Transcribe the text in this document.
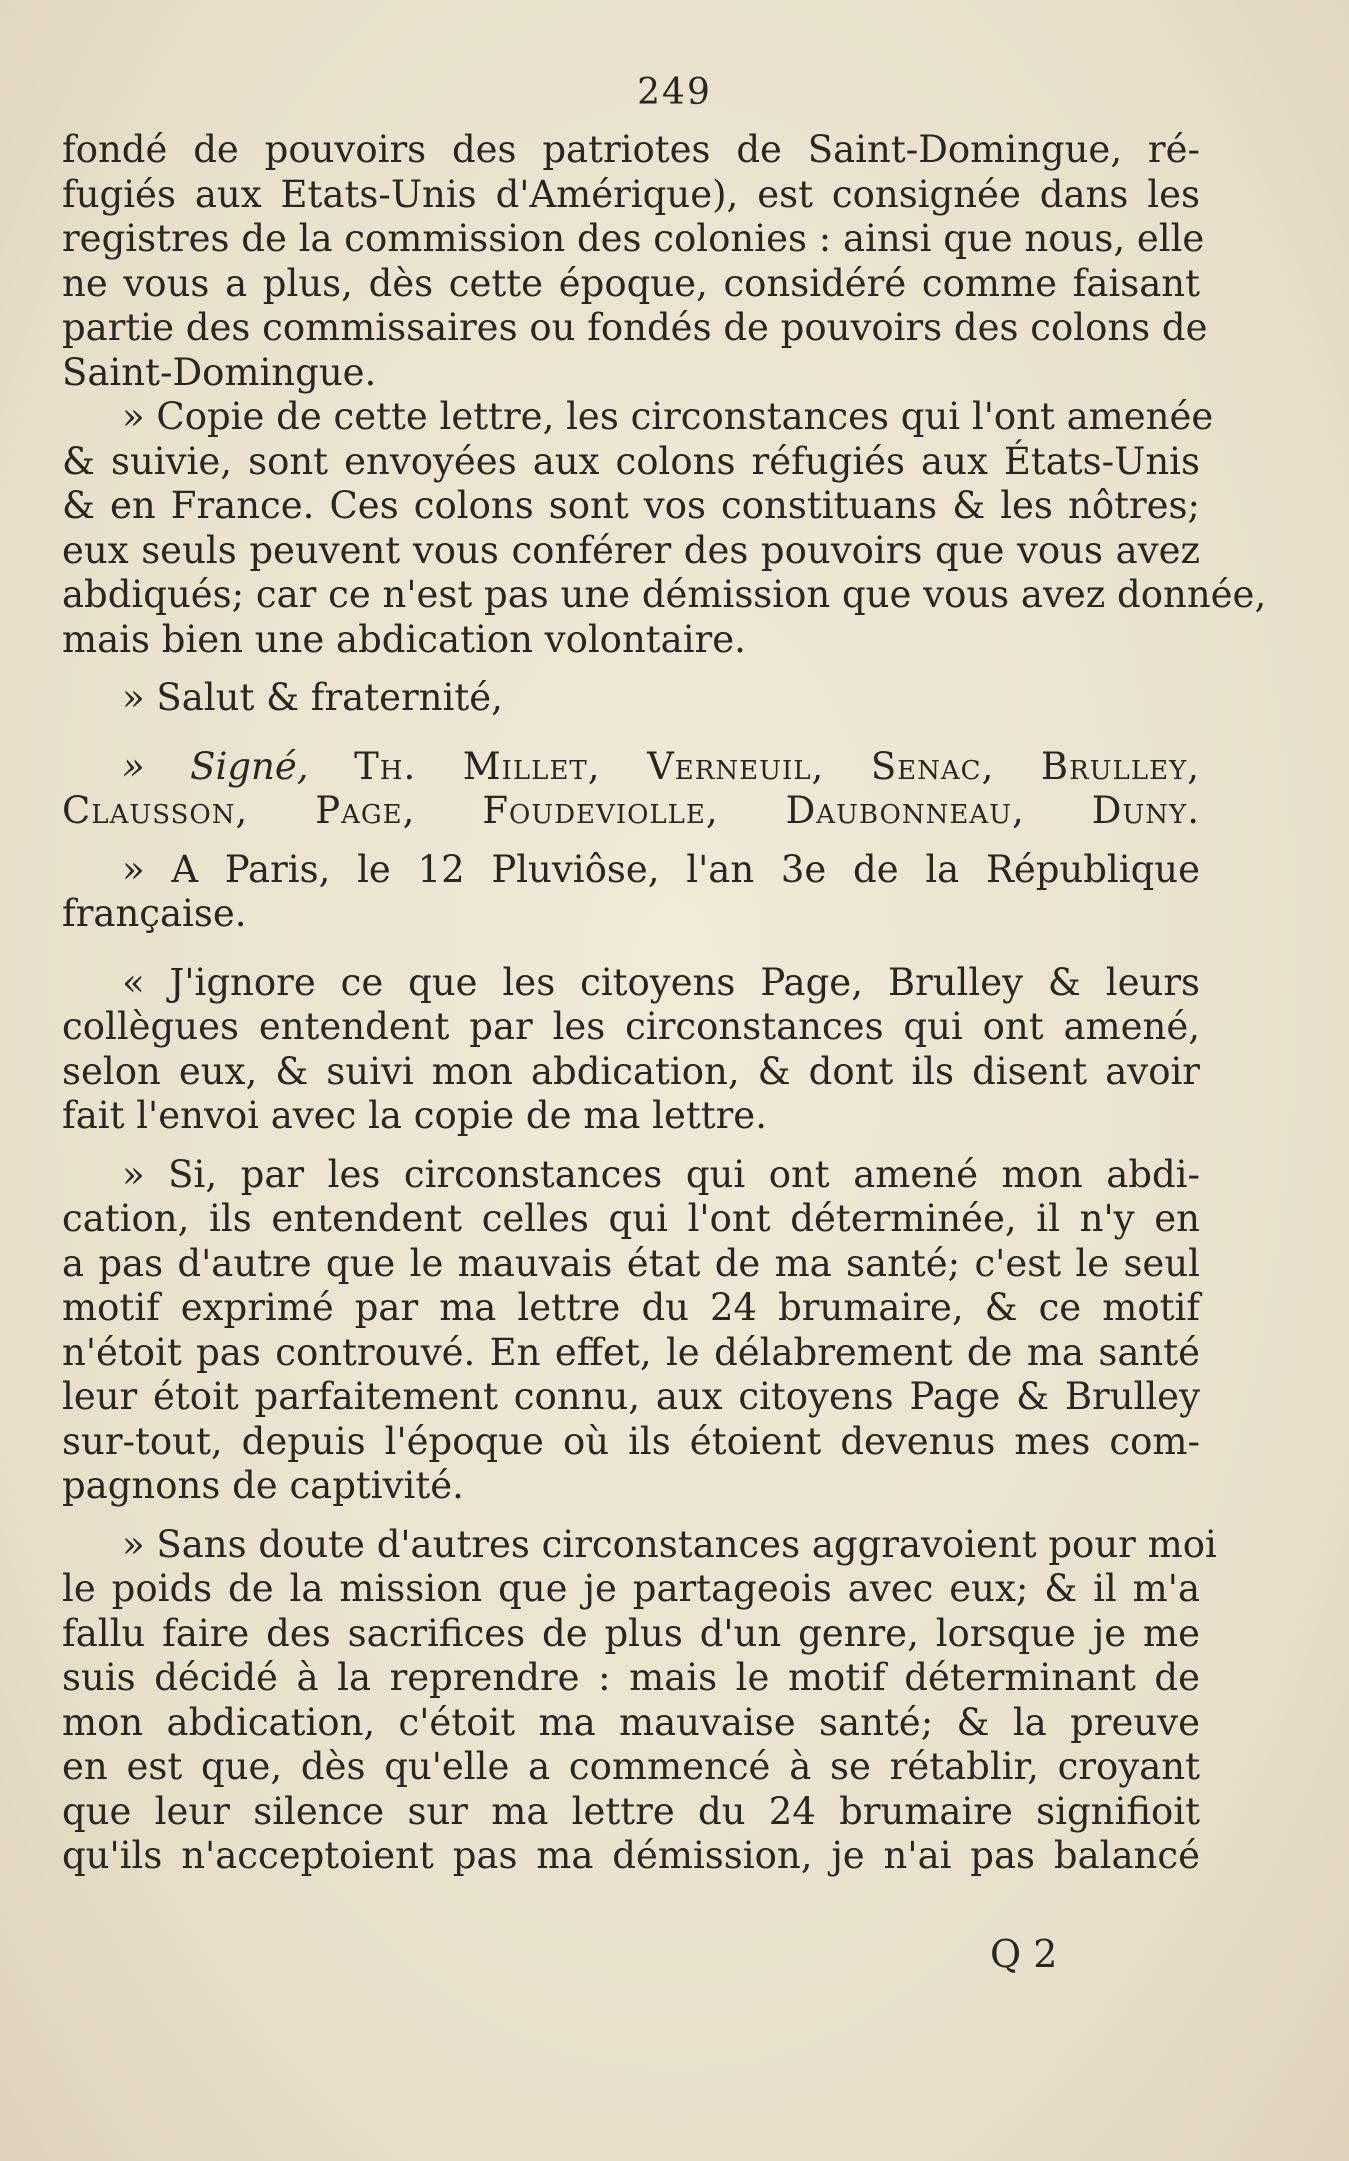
249
fondé de pouvoirs des patriotes de Saint-Domingue, ré-
fugiés aux Etats-Unis d'Amérique), est consignée dans les
registres de la commission des colonies : ainsi que nous, elle
ne vous a plus, dès cette époque, considéré comme faisant
partie des commissaires ou fondés de pouvoirs des colons de
Saint-Domingue.
» Copie de cette lettre, les circonstances qui l'ont amenée
& suivie, sont envoyées aux colons réfugiés aux États-Unis
& en France. Ces colons sont vos constituans & les nôtres;
eux seuls peuvent vous conférer des pouvoirs que vous avez
abdiqués; car ce n'est pas une démission que vous avez donnée,
mais bien une abdication volontaire.
» Salut & fraternité,
» Signé, Th. Millet, Verneuil, Senac, Brulley,
Clausson, Page, Foudeviolle, Daubonneau, Duny.
» A Paris, le 12 Pluviôse, l'an 3e de la République
française.
« J'ignore ce que les citoyens Page, Brulley & leurs
collègues entendent par les circonstances qui ont amené,
selon eux, & suivi mon abdication, & dont ils disent avoir
fait l'envoi avec la copie de ma lettre.
» Si, par les circonstances qui ont amené mon abdi-
cation, ils entendent celles qui l'ont déterminée, il n'y en
a pas d'autre que le mauvais état de ma santé; c'est le seul
motif exprimé par ma lettre du 24 brumaire, & ce motif
n'étoit pas controuvé. En effet, le délabrement de ma santé
leur étoit parfaitement connu, aux citoyens Page & Brulley
sur-tout, depuis l'époque où ils étoient devenus mes com-
pagnons de captivité.
» Sans doute d'autres circonstances aggravoient pour moi
le poids de la mission que je partageois avec eux; & il m'a
fallu faire des sacrifices de plus d'un genre, lorsque je me
suis décidé à la reprendre : mais le motif déterminant de
mon abdication, c'étoit ma mauvaise santé; & la preuve
en est que, dès qu'elle a commencé à se rétablir, croyant
que leur silence sur ma lettre du 24 brumaire signifioit
qu'ils n'acceptoient pas ma démission, je n'ai pas balancé
Q 2
